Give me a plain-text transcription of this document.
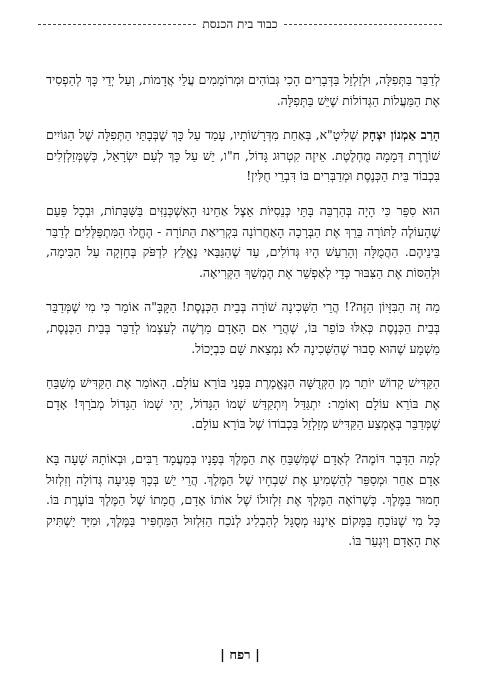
כבוד בית הכנסת

לְדַבֵּר בַּתְּפִלָּה, וּלְזַלְזֵל בַּדְּבָרִים הָכִי גְּבוֹהִים וּמְרוֹמָמִים עֲלֵי אֲדָמוֹת, וְעַל יְדֵי כָּךְ לְהַפְסִיד אֶת הַמַּעֲלוֹת הַגְּדוֹלוֹת שֶׁיֵּשׁ בַּתְּפִלָּה.

הָרַב אַמְנוֹן יִצְחָק שְׁלִיטָ"א, בְּאַחַת מִדְּרָשׁוֹתָיו, עָמַד עַל כָּךְ שֶׁבְּבָתֵּי הַתְּפִלָּה שֶׁל הַגּוֹיִים שׁוֹרֶרֶת דְּמָמָה מֻחְלֶטֶת. אֵיזֶה קִטְרוּג גָּדוֹל, ח"ו, יֵשׁ עַל כָּךְ לְעַם יִשְׂרָאֵל, כְּשֶׁמְּזַלְזְלִים בִּכְבוֹד בֵּית הַכְּנֶסֶת וּמְדַבְּרִים בּוֹ דִּבְרֵי חֻלִּין!

הוּא סִפֵּר כִּי הָיָה בְּהַרְבֵּה בָּתֵּי כְּנֵסִיּוֹת אֵצֶל אַחֵינוּ הָאַשְׁכְּנַזִּים בַּשַּׁבָּתוֹת, וּבְכָל פַּעַם שֶׁהָעוֹלֶה לַתּוֹרָה בֵּרֵךְ אֶת הַבְּרָכָה הָאַחֲרוֹנָה בִּקְרִיאַת הַתּוֹרָה - הֶחֱלוּ הַמִּתְפַּלְּלִים לְדַבֵּר בֵּינֵיהֶם. הַהֲמֻלָּה וְהָרַעַשׁ הָיוּ גְּדוֹלִים, עַד שֶׁהַגַּבַּאי נֶאֱלַץ לִדְפֹּק בְּחָזְקָה עַל הַבִּימָה, וּלְהַסּוֹת אֶת הַצִּבּוּר כְּדֵי לְאַפְשֵׁר אֶת הֶמְשֵׁךְ הַקְּרִיאָה.

מַה זֶּה הַבִּזָּיוֹן הַזֶּה?! הֲרֵי הַשְּׁכִינָה שׁוֹרָה בְּבֵית הַכְּנֶסֶת! הַקָּבָּ"ה אוֹמֵר כִּי מִי שֶׁמְּדַבֵּר בְּבֵית הַכְּנֶסֶת כְּאִלּוּ כּוֹפֵר בּוֹ, שֶׁהֲרֵי אִם הָאָדָם מַרְשֶׁה לְעַצְמוֹ לְדַבֵּר בְּבֵית הַכְּנֶסֶת, מַשְׁמָע שֶׁהוּא סָבוּר שֶׁהַשְּׁכִינָה לֹא נִמְצֵאת שָׁם כִּבְיָכוֹל.

הַקַּדִּישׁ קָדוֹשׁ יוֹתֵר מִן הַקְּדֻשָּׁה הַנֶּאֱמֶרֶת בִּפְנֵי בּוֹרֵא עוֹלָם. הָאוֹמֵר אֶת הַקַּדִּישׁ מְשַׁבֵּחַ אֶת בּוֹרֵא עוֹלָם וְאוֹמֵר: יִתְגַּדַּל וְיִתְקַדַּשׁ שְׁמוֹ הַגָּדוֹל, יְהֵי שְׁמוֹ הַגָּדוֹל מְבֹרָךְ! אָדָם שֶׁמְּדַבֵּר בְּאֶמְצַע הַקַּדִּישׁ מְזַלְזֵל בִּכְבוֹדוֹ שֶׁל בּוֹרֵא עוֹלָם.

לְמָה הַדָּבָר דּוֹמֶה? לְאָדָם שֶׁמְּשַׁבֵּחַ אֶת הַמֶּלֶךְ בְּפָנָיו בְּמַעֲמָד רַבִּים, וּבְאוֹתָהּ שָׁעָה בָּא אָדָם אַחֵר וּמְסַפֵּר לְהַשְׁמִיעַ אֶת שִׁבְחָיו שֶׁל הַמֶּלֶךְ. הֲרֵי יֵשׁ בְּכָךְ פְּגִיעָה גְּדוֹלָה וְזִלְזוּל חָמוּר בַּמֶּלֶךְ. כְּשֶׁרוֹאֶה הַמֶּלֶךְ אֶת זִלְזוּלוֹ שֶׁל אוֹתוֹ אָדָם, חֲמָתוֹ שֶׁל הַמֶּלֶךְ בּוֹעֶרֶת בּוֹ. כָּל מִי שֶׁנּוֹכֵחַ בַּמָּקוֹם אֵינֶנּוּ מְסֻגָּל לְהַבְלִיג לְנֹכַח הַזִּלְזוּל הַמַּחְפִּיר בַּמֶּלֶךְ, וּמִיָּד יַשְׁתִּיק אֶת הָאָדָם וְיִגְעַר בּוֹ.

| רפח |
